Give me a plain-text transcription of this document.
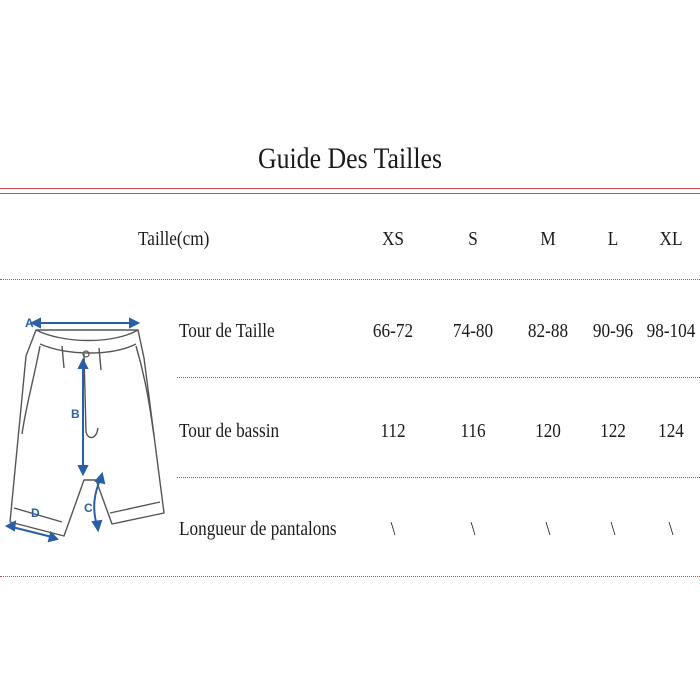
Guide Des Tailles
Taille(cm)	XS	S	M	L	XL
Tour de Taille	66-72	74-80	82-88	90-96 98-104
Tour de bassin	112	116	120	122	124
Longueur de pantalons	\	\	\	\	\
A
B
C
D
